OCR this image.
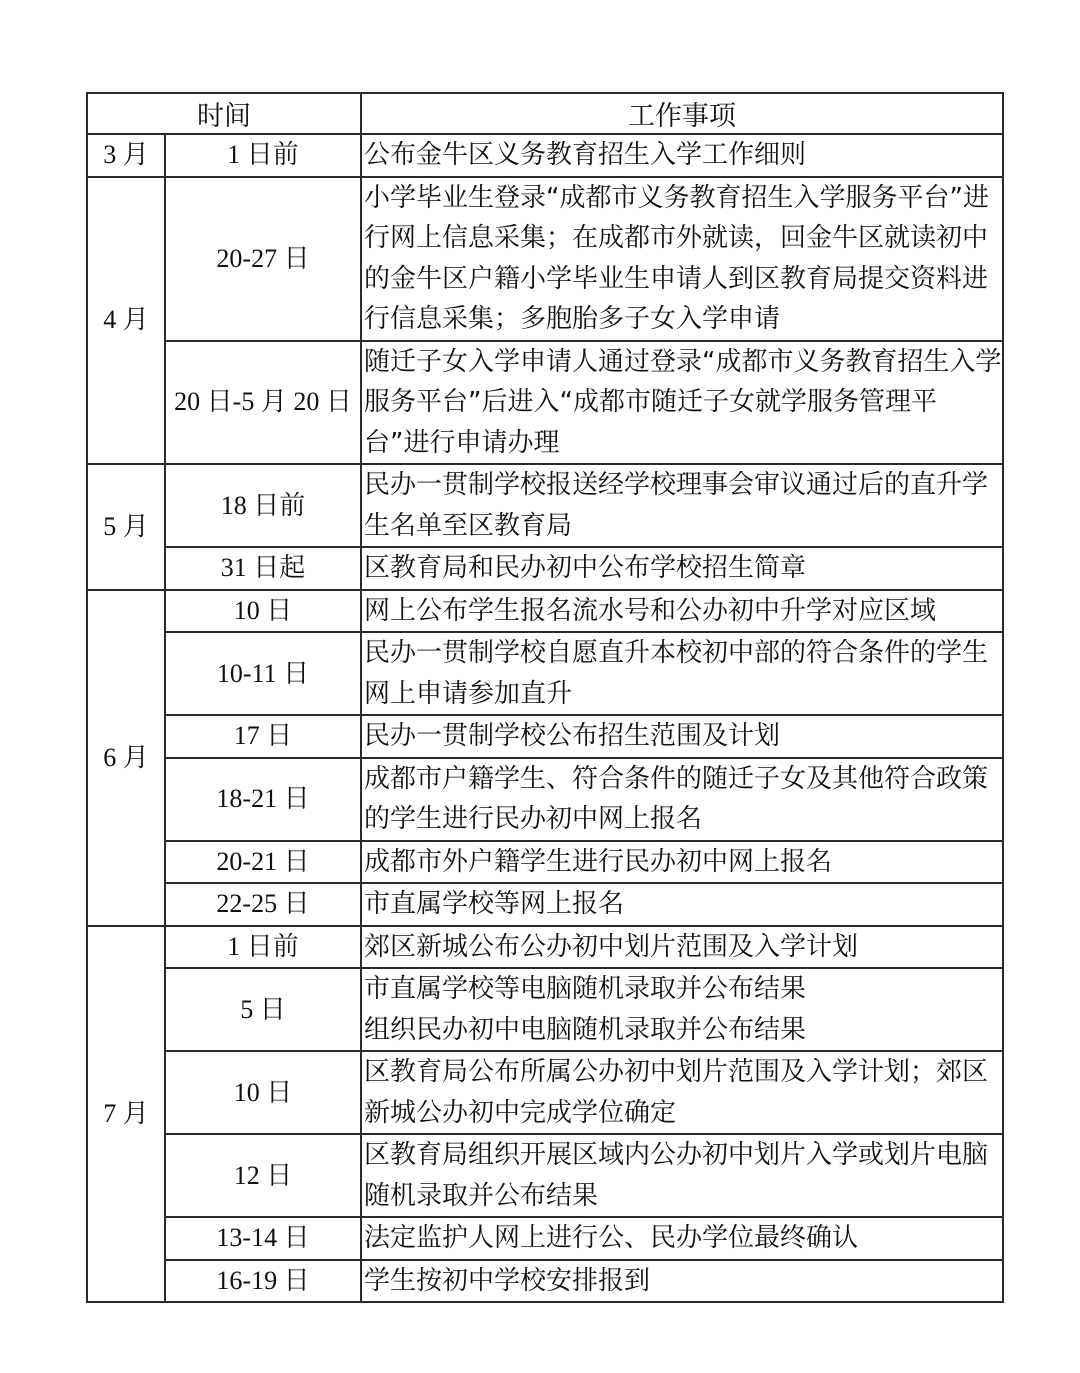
时间		工作事项
3 月	1 日前	公布金牛区义务教育招生入学工作细则
4 月	20-27 日	小学毕业生登录“成都市义务教育招生入学服务平台”进行网上信息采集；在成都市外就读，回金牛区就读初中的金牛区户籍小学毕业生申请人到区教育局提交资料进行信息采集；多胞胎多子女入学申请
	20 日-5 月 20 日	随迁子女入学申请人通过登录“成都市义务教育招生入学服务平台”后进入“成都市随迁子女就学服务管理平台”进行申请办理
5 月	18 日前	民办一贯制学校报送经学校理事会审议通过后的直升学生名单至区教育局
	31 日起	区教育局和民办初中公布学校招生简章
6 月	10 日	网上公布学生报名流水号和公办初中升学对应区域
	10-11 日	民办一贯制学校自愿直升本校初中部的符合条件的学生网上申请参加直升
	17 日	民办一贯制学校公布招生范围及计划
	18-21 日	成都市户籍学生、符合条件的随迁子女及其他符合政策的学生进行民办初中网上报名
	20-21 日	成都市外户籍学生进行民办初中网上报名
	22-25 日	市直属学校等网上报名
7 月	1 日前	郊区新城公布公办初中划片范围及入学计划
	5 日	市直属学校等电脑随机录取并公布结果
组织民办初中电脑随机录取并公布结果
	10 日	区教育局公布所属公办初中划片范围及入学计划；郊区新城公办初中完成学位确定
	12 日	区教育局组织开展区域内公办初中划片入学或划片电脑随机录取并公布结果
	13-14 日	法定监护人网上进行公、民办学位最终确认
	16-19 日	学生按初中学校安排报到
